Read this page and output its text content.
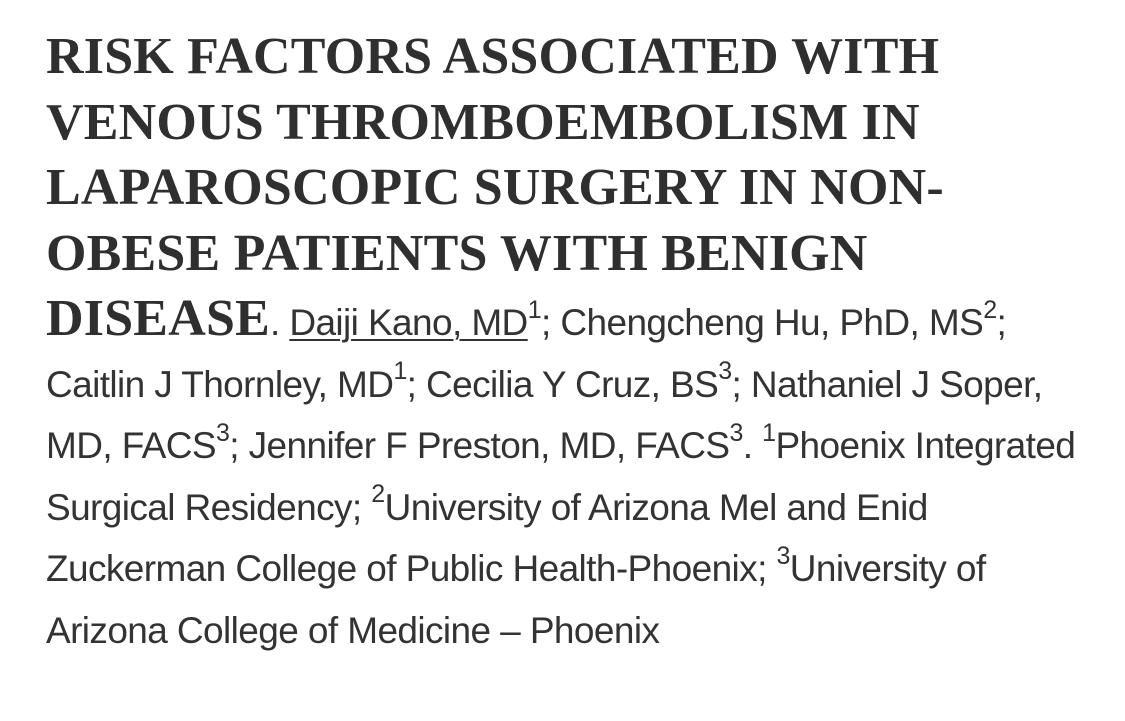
RISK FACTORS ASSOCIATED WITH VENOUS THROMBOEMBOLISM IN LAPAROSCOPIC SURGERY IN NON-OBESE PATIENTS WITH BENIGN DISEASE. Daiji Kano, $MD^1$; Chengcheng Hu, PhD, $MS^2$; Caitlin J Thornley, $MD^1$; Cecilia Y Cruz, $BS^3$; Nathaniel J Soper, MD, FACS$^3$; Jennifer F Preston, MD, FACS$^3$. $^1$Phoenix Integrated Surgical Residency; $^2$University of Arizona Mel and Enid Zuckerman College of Public Health-Phoenix; $^3$University of Arizona College of Medicine – Phoenix
